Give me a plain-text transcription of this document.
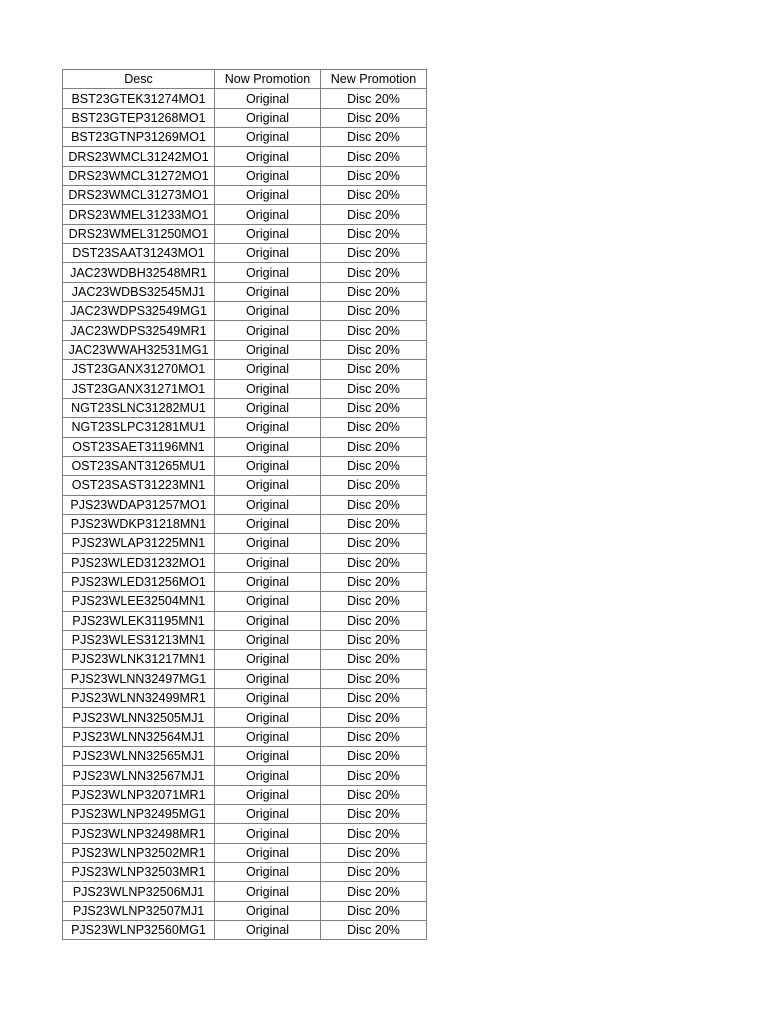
Desc	Now Promotion	New Promotion
BST23GTEK31274MO1	Original	Disc 20%
BST23GTEP31268MO1	Original	Disc 20%
BST23GTNP31269MO1	Original	Disc 20%
DRS23WMCL31242MO1	Original	Disc 20%
DRS23WMCL31272MO1	Original	Disc 20%
DRS23WMCL31273MO1	Original	Disc 20%
DRS23WMEL31233MO1	Original	Disc 20%
DRS23WMEL31250MO1	Original	Disc 20%
DST23SAAT31243MO1	Original	Disc 20%
JAC23WDBH32548MR1	Original	Disc 20%
JAC23WDBS32545MJ1	Original	Disc 20%
JAC23WDPS32549MG1	Original	Disc 20%
JAC23WDPS32549MR1	Original	Disc 20%
JAC23WWAH32531MG1	Original	Disc 20%
JST23GANX31270MO1	Original	Disc 20%
JST23GANX31271MO1	Original	Disc 20%
NGT23SLNC31282MU1	Original	Disc 20%
NGT23SLPC31281MU1	Original	Disc 20%
OST23SAET31196MN1	Original	Disc 20%
OST23SANT31265MU1	Original	Disc 20%
OST23SAST31223MN1	Original	Disc 20%
PJS23WDAP31257MO1	Original	Disc 20%
PJS23WDKP31218MN1	Original	Disc 20%
PJS23WLAP31225MN1	Original	Disc 20%
PJS23WLED31232MO1	Original	Disc 20%
PJS23WLED31256MO1	Original	Disc 20%
PJS23WLEE32504MN1	Original	Disc 20%
PJS23WLEK31195MN1	Original	Disc 20%
PJS23WLES31213MN1	Original	Disc 20%
PJS23WLNK31217MN1	Original	Disc 20%
PJS23WLNN32497MG1	Original	Disc 20%
PJS23WLNN32499MR1	Original	Disc 20%
PJS23WLNN32505MJ1	Original	Disc 20%
PJS23WLNN32564MJ1	Original	Disc 20%
PJS23WLNN32565MJ1	Original	Disc 20%
PJS23WLNN32567MJ1	Original	Disc 20%
PJS23WLNP32071MR1	Original	Disc 20%
PJS23WLNP32495MG1	Original	Disc 20%
PJS23WLNP32498MR1	Original	Disc 20%
PJS23WLNP32502MR1	Original	Disc 20%
PJS23WLNP32503MR1	Original	Disc 20%
PJS23WLNP32506MJ1	Original	Disc 20%
PJS23WLNP32507MJ1	Original	Disc 20%
PJS23WLNP32560MG1	Original	Disc 20%
